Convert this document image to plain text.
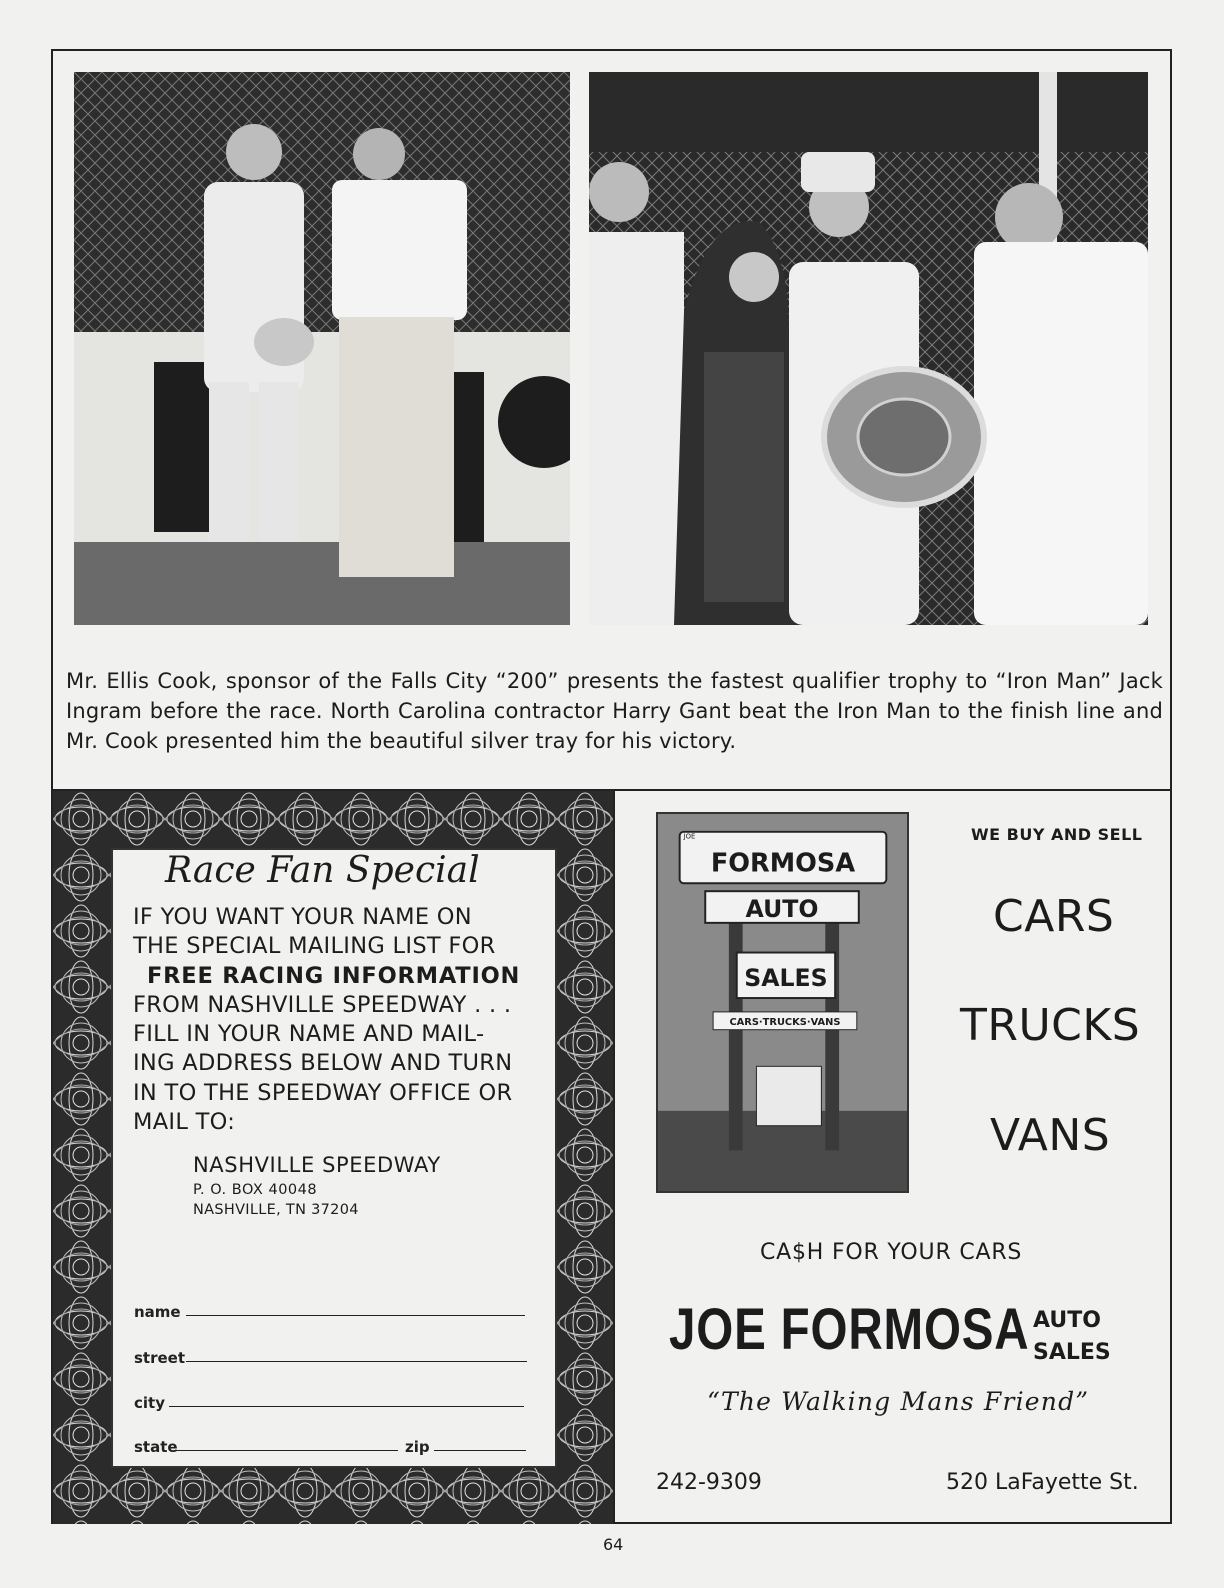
Mr. Ellis Cook, sponsor of the Falls City “200” presents the fastest qualifier trophy to “Iron Man” Jack Ingram before the race. North Carolina contractor Harry Gant beat the Iron Man to the finish line and Mr. Cook presented him the beautiful silver tray for his victory.
Race Fan Special
IF YOU WANT YOUR NAME ON
THE SPECIAL MAILING LIST FOR
FREE RACING INFORMATION
FROM NASHVILLE SPEEDWAY . . .
FILL IN YOUR NAME AND MAIL-
ING ADDRESS BELOW AND TURN
IN TO THE SPEEDWAY OFFICE OR
MAIL TO:
NASHVILLE SPEEDWAY
P. O. BOX 40048
NASHVILLE, TN 37204
name
street
city
state	zip
JOE
FORMOSA
AUTO
SALES
CARS·TRUCKS·VANS
WE BUY AND SELL
CARS
TRUCKS
VANS
CA$H FOR YOUR CARS
JOE FORMOSA AUTO
SALES
“The Walking Mans Friend”
242-9309	520 LaFayette St.
64
